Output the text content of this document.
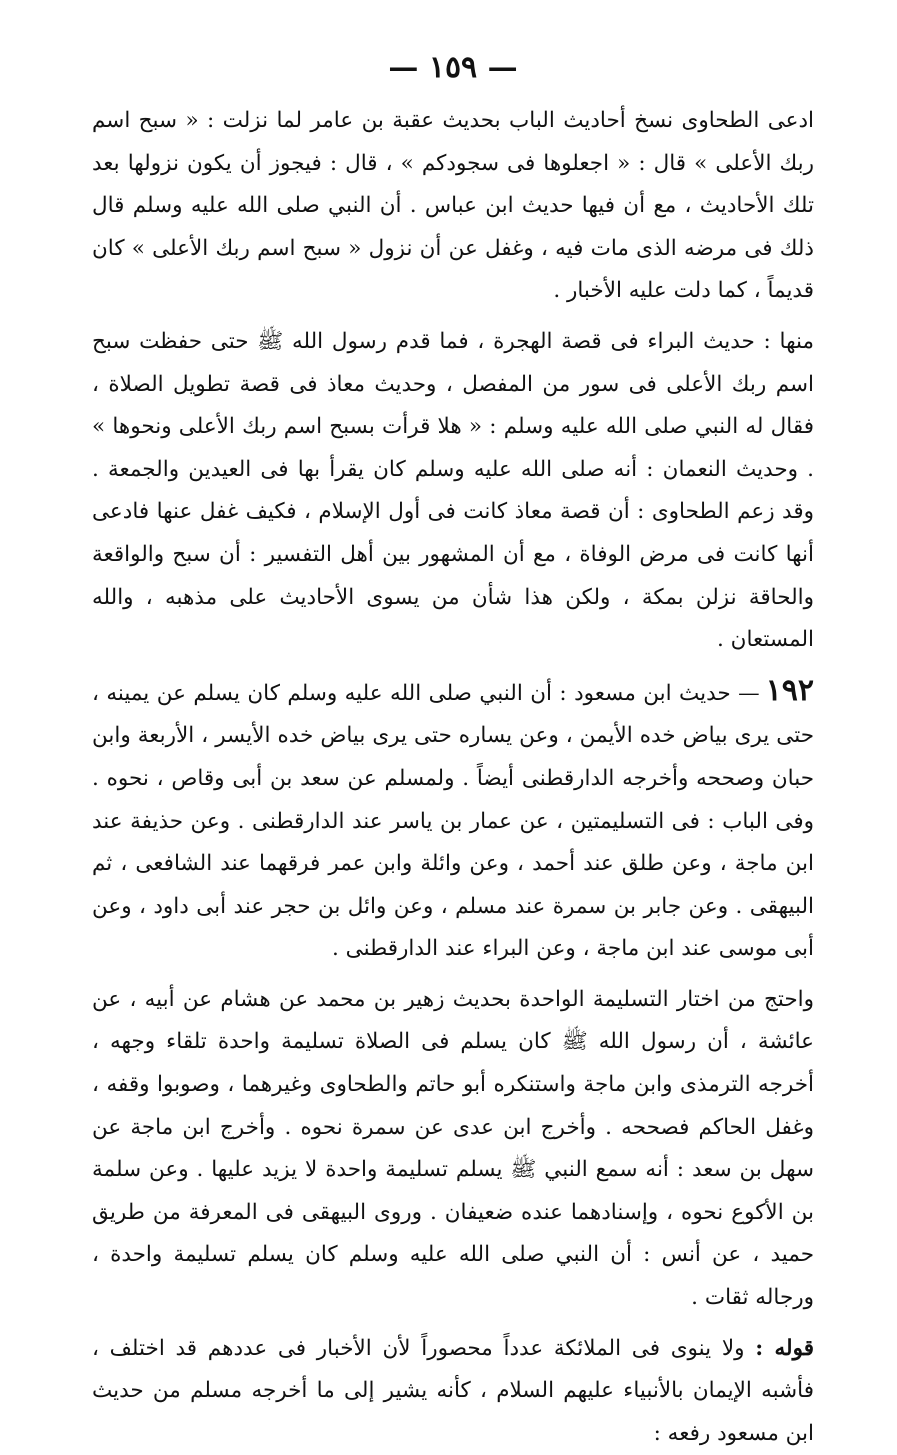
— ١٥٩ —

ادعى الطحاوى نسخ أحاديث الباب بحديث عقبة بن عامر لما نزلت : « سبح اسم ربك الأعلى » قال : « اجعلوها فى سجودكم » ، قال : فيجوز أن يكون نزولها بعد تلك الأحاديث ، مع أن فيها حديث ابن عباس . أن النبي صلى الله عليه وسلم قال ذلك فى مرضه الذى مات فيه ، وغفل عن أن نزول « سبح اسم ربك الأعلى » كان قديماً ، كما دلت عليه الأخبار .

منها : حديث البراء فى قصة الهجرة ، فما قدم رسول الله ﷺ حتى حفظت سبح اسم ربك الأعلى فى سور من المفصل ، وحديث معاذ فى قصة تطويل الصلاة ، فقال له النبي صلى الله عليه وسلم : « هلا قرأت بسبح اسم ربك الأعلى ونحوها » . وحديث النعمان : أنه صلى الله عليه وسلم كان يقرأ بها فى العيدين والجمعة . وقد زعم الطحاوى : أن قصة معاذ كانت فى أول الإسلام ، فكيف غفل عنها فادعى أنها كانت فى مرض الوفاة ، مع أن المشهور بين أهل التفسير : أن سبح والواقعة والحاقة نزلن بمكة ، ولكن هذا شأن من يسوى الأحاديث على مذهبه ، والله المستعان .

١٩٢— حديث ابن مسعود : أن النبي صلى الله عليه وسلم كان يسلم عن يمينه ، حتى يرى بياض خده الأيمن ، وعن يساره حتى يرى بياض خده الأيسر ، الأربعة وابن حبان وصححه وأخرجه الدارقطنى أيضاً . ولمسلم عن سعد بن أبى وقاص ، نحوه . وفى الباب : فى التسليمتين ، عن عمار بن ياسر عند الدارقطنى . وعن حذيفة عند ابن ماجة ، وعن طلق عند أحمد ، وعن وائلة وابن عمر فرقهما عند الشافعى ، ثم البيهقى . وعن جابر بن سمرة عند مسلم ، وعن وائل بن حجر عند أبى داود ، وعن أبى موسى عند ابن ماجة ، وعن البراء عند الدارقطنى .

واحتج من اختار التسليمة الواحدة بحديث زهير بن محمد عن هشام عن أبيه ، عن عائشة ، أن رسول الله ﷺ كان يسلم فى الصلاة تسليمة واحدة تلقاء وجهه ، أخرجه الترمذى وابن ماجة واستنكره أبو حاتم والطحاوى وغيرهما ، وصوبوا وقفه ، وغفل الحاكم فصححه . وأخرج ابن عدى عن سمرة نحوه . وأخرج ابن ماجة عن سهل بن سعد : أنه سمع النبي ﷺ يسلم تسليمة واحدة لا يزيد عليها . وعن سلمة بن الأكوع نحوه ، وإسنادهما عنده ضعيفان . وروى البيهقى فى المعرفة من طريق حميد ، عن أنس : أن النبي صلى الله عليه وسلم كان يسلم تسليمة واحدة ، ورجاله ثقات .

قوله : ولا ينوى فى الملائكة عدداً محصوراً لأن الأخبار فى عددهم قد اختلف ، فأشبه الإيمان بالأنبياء عليهم السلام ، كأنه يشير إلى ما أخرجه مسلم من حديث ابن مسعود رفعه :
